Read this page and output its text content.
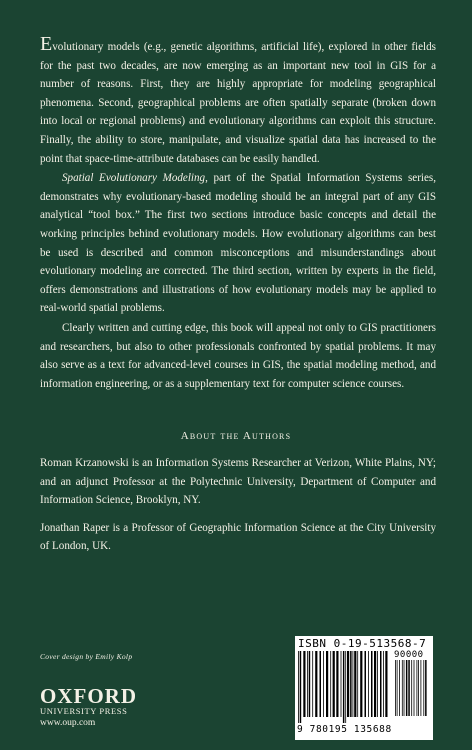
Evolutionary models (e.g., genetic algorithms, artificial life), explored in other fields for the past two decades, are now emerging as an important new tool in GIS for a number of reasons. First, they are highly appropriate for modeling geographical phenomena. Second, geographical problems are often spatially separate (broken down into local or regional problems) and evolutionary algorithms can exploit this structure. Finally, the ability to store, manipulate, and visualize spatial data has increased to the point that space-time-attribute databases can be easily handled.

Spatial Evolutionary Modeling, part of the Spatial Information Systems series, demonstrates why evolutionary-based modeling should be an integral part of any GIS analytical “tool box.” The first two sections introduce basic concepts and detail the working principles behind evolutionary models. How evolutionary algorithms can best be used is described and common misconceptions and misunderstandings about evolutionary modeling are corrected. The third section, written by experts in the field, offers demonstrations and illustrations of how evolutionary models may be applied to real-world spatial problems.

Clearly written and cutting edge, this book will appeal not only to GIS practitioners and researchers, but also to other professionals confronted by spatial problems. It may also serve as a text for advanced-level courses in GIS, the spatial modeling method, and information engineering, or as a supplementary text for computer science courses.

About the Authors

Roman Krzanowski is an Information Systems Researcher at Verizon, White Plains, NY; and an adjunct Professor at the Polytechnic University, Department of Computer and Information Science, Brooklyn, NY.

Jonathan Raper is a Professor of Geographic Information Science at the City University of London, UK.

Cover design by Emily Kolp
OXFORD
UNIVERSITY PRESS
www.oup.com
ISBN 0-19-513568-7
90000
9 780195 135688
